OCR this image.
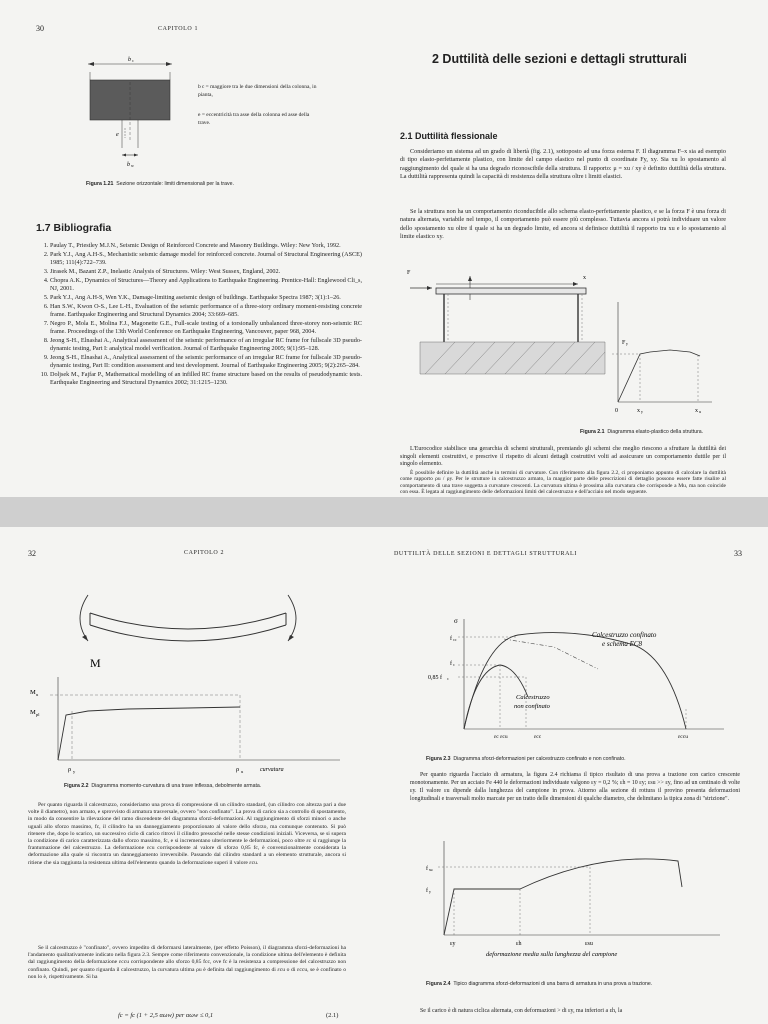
30	CAPITOLO 1
b c
e
b w
b c = maggiore tra le due dimensioni della colonna, in pianta,
e = eccentricità tra asse della colonna ed asse della trave.
Figura 1.21 Sezione orizzontale: limiti dimensionali per la trave.
1.7 Bibliografia
1. Paulay T., Priestley M.J.N., Seismic Design of Reinforced Concrete and Masonry Buildings. Wiley: New York, 1992.
2. Park Y.J., Ang A.H-S., Mechanistic seismic damage model for reinforced concrete. Journal of Structural Engineering (ASCE) 1985; 111(4):722–739.
3. Jirasek M., Bazant Z.P., Inelastic Analysis of Structures. Wiley: West Sussex, England, 2002.
4. Chopra A.K., Dynamics of Structures—Theory and Applications to Earthquake Engineering. Prentice-Hall: Englewood Cli_s, NJ, 2001.
5. Park Y.J., Ang A.H-S, Wen Y.K., Damage-limiting aseismic design of buildings. Earthquake Spectra 1987; 3(1):1–26.
6. Han S.W., Kwon O-S., Lee L-H., Evaluation of the seismic performance of a three-story ordinary moment-resisting concrete frame. Earthquake Engineering and Structural Dynamics 2004; 33:669–685.
7. Negro P., Mola E., Molina F.J., Magonette G.E., Full-scale testing of a torsionally unbalanced three-storey non-seismic RC frame. Proceedings of the 13th World Conference on Earthquake Engineering, Vancouver, paper 968, 2004.
8. Jeong S-H., Elnashai A., Analytical assessment of the seismic performance of an irregular RC frame for fullscale 3D pseudo-dynamic testing, Part I: analytical model verification. Journal of Earthquake Engineering 2005; 9(1):95–128.
9. Jeong S-H., Elnashai A., Analytical assessment of the seismic performance of an irregular RC frame for fullscale 3D pseudo-dynamic testing, Part II: condition assessment and test development. Journal of Earthquake Engineering 2005; 9(2):265–284.
10. Doljsek M., Fajfar P., Mathematical modelling of an infilled RC frame structure based on the results of pseudodynamic tests. Earthquake Engineering and Structural Dynamics 2002; 31:1215–1230.
2 Duttilità delle sezioni e dettagli strutturali
2.1 Duttilità flessionale

Consideriamo un sistema ad un grado di libertà (fig. 2.1), sottoposto ad una forza esterna F. Il diagramma F–x sia ad esempio di tipo elasto-perfettamente plastico, con limite del campo elastico nel punto di coordinate Fy, xy. Sia xu lo spostamento al raggiungimento del quale si ha una degrado riconoscibile della struttura. Il rapporto: μ = xu / xy è definito duttilità della struttura. La duttilità rappresenta quindi la capacità di resistenza della struttura oltre i limiti elastici.

Se la struttura non ha un comportamento riconducibile allo schema elasto-perfettamente plastico, e se la forza F è una forza di natura alternata, variabile nel tempo, il comportamento può essere più complesso. Tuttavia ancora si potrà individuare un valore dello spostamento xu oltre il quale si ha un degrado limite, ed ancora si definisce duttilità il rapporto tra xu e lo spostamento al limite elastico xy.

F
x
F y
0	x y	x u
Figura 2.1 Diagramma elasto-plastico della struttura.

L'Eurocodice stabilisce una gerarchia di schemi strutturali, premiando gli schemi che meglio riescono a sfruttare la duttilità dei singoli elementi costruttivi, e prescrive il rispetto di alcuni dettagli costruttivi volti ad assicurare un comportamento duttile per il singolo elemento.

È possibile definire la duttilità anche in termini di curvature. Con riferimento alla figura 2.2, ci proponiamo appunto di calcolare la duttilità come rapporto ρu / ρy. Per le strutture in calcestruzzo armato, la maggior parte delle prescrizioni di dettaglio possono essere fatte risalire al comportamento di una trave soggetta a curvature crescenti. La curvatura ultima è prossima alla curvatura che corrisponde a Mu, ma non coincide con essa. È legata al raggiungimento delle deformazioni limiti del calcestruzzo e dell'acciaio nel modo seguente.

32	CAPITOLO 2
M
M u
M pl
ρ y	ρ u	curvatura
Figura 2.2 Diagramma momento-curvatura di una trave inflessa, debolmente armata.

Per quanto riguarda il calcestruzzo, consideriamo una prova di compressione di un cilindro standard, (un cilindro con altezza pari a due volte il diametro), non armato, e sprovvisto di armatura trasversale, ovvero "non confinato". La prova di carico sia a controllo di spostamento, in modo da consentire la rilevazione del ramo discendente del diagramma sforzi-deformazioni. Al raggiungimento di sforzi minori o anche uguali allo sforzo massimo, fc, il cilindro ha un danneggiamento proporzionato al valore dello sforzo, ma comunque contenuto. Si può ritenere che, dopo lo scarico, un successivo ciclo di carico ritrovi il cilindro pressoché nelle stesse condizioni iniziali. Viceversa, se si supera la condizione di carico caratterizzata dallo sforzo massimo, fc, e si incrementano ulteriormente le deformazioni, poco oltre εc si raggiunge la frantumazione del calcestruzzo. La deformazione εcu corrispondente al valore di sforzo 0,85 fc, è convenzionalmente considerata la deformazione alla quale si riscontra un danneggiamento irreversibile. Passando dal cilindro standard a un elemento strutturale, ancora si ritiene che sia raggiunta la resistenza ultima dell'elemento quando la deformazione superi il valore εcu.

Se il calcestruzzo è "confinato", ovvero impedito di deformarsi lateralmente, (per effetto Poisson), il diagramma sforzi-deformazioni ha l'andamento qualitativamente indicato nella figura 2.3. Sempre come riferimento convenzionale, la condizione ultima dell'elemento è definita dal raggiungimento della deformazione εccu corrispondente allo sforzo 0,85 fcc, ove fc è la resistenza a compressione del calcestruzzo non confinato. Quindi, per quanto riguarda il calcestruzzo, la curvatura ultima ρu è definita dal raggiungimento di εcu o di εccu, se è confinato o non lo è, rispettivamente. Si ha

fc = fc (1 + 2,5 αωw) per αωw ≤ 0,1	(2.1)
DUTTILITÀ DELLE SEZIONI E DETTAGLI STRUTTURALI	33
σ
f cc
f c
0,85 f c
Calcestruzzo confinato
e schema EC8
Calcestruzzo
non confinato
εc εcu	εcc	εccu
Figura 2.3 Diagramma sforzi-deformazioni per calcestruzzo confinato e non confinato.

Per quanto riguarda l'acciaio di armatura, la figura 2.4 richiama il tipico risultato di una prova a trazione con carico crescente monotonamente. Per un acciaio Fe 440 le deformazioni individuate valgono εy = 0,2 %; εh = 10 εy; εsu >> εy, fino ad un centinaio di volte εy. Il valore εu dipende dalla lunghezza del campione in prova. Attorno alla sezione di rottura il provino presenta deformazioni longitudinali e trasversali molto marcate per un tratto delle dimensioni di qualche diametro, che delimitano la tipica zona di "strizione".

f su
f y
εy	εh	εsu
deformazione media sulla lunghezza del campione
Figura 2.4 Tipico diagramma sforzi-deformazioni di una barra di armatura in una prova a trazione.

Se il carico è di natura ciclica alternata, con deformazioni > di εy, ma inferiori a εh, la
